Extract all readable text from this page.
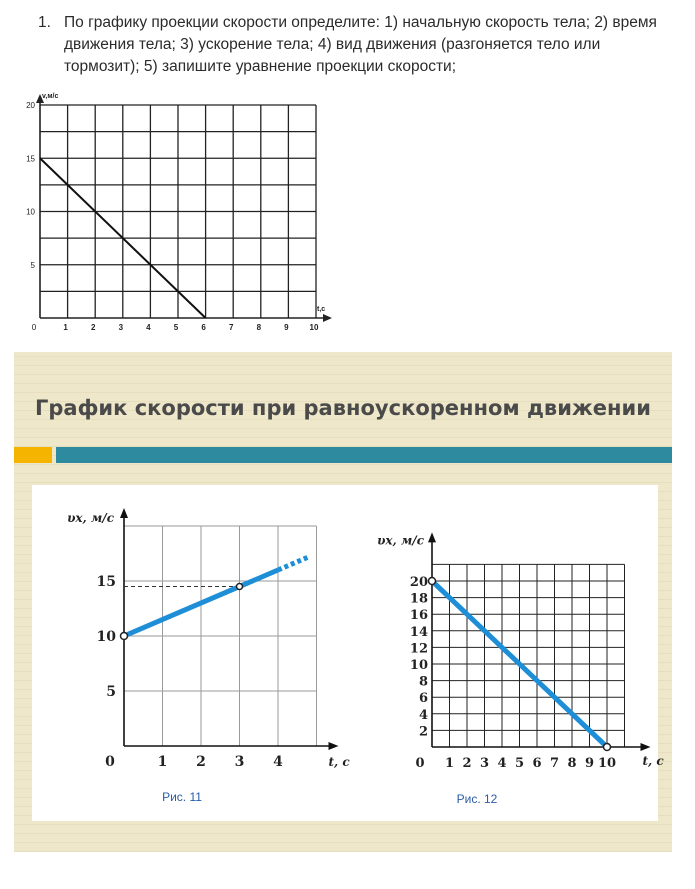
1. По графику проекции скорости определите: 1) начальную скорость тела; 2) время движения тела; 3) ускорение тела; 4) вид движения (разгоняется тело или тормозит); 5) запишите уравнение проекции скорости;
1	2	3	4	5	6	7	8	9	10
5
10
15
20
0
v,м/с
t,c
График скорости при равноускоренном движении
1 2 3 4
5
10
15
0
υx, м/с
t, c
Рис. 11
1 2 3 4 5 6 7 8 9 10
2
4
6
8
10
12
14
16
18
20
0
υx, м/с
t, c
Рис. 12
